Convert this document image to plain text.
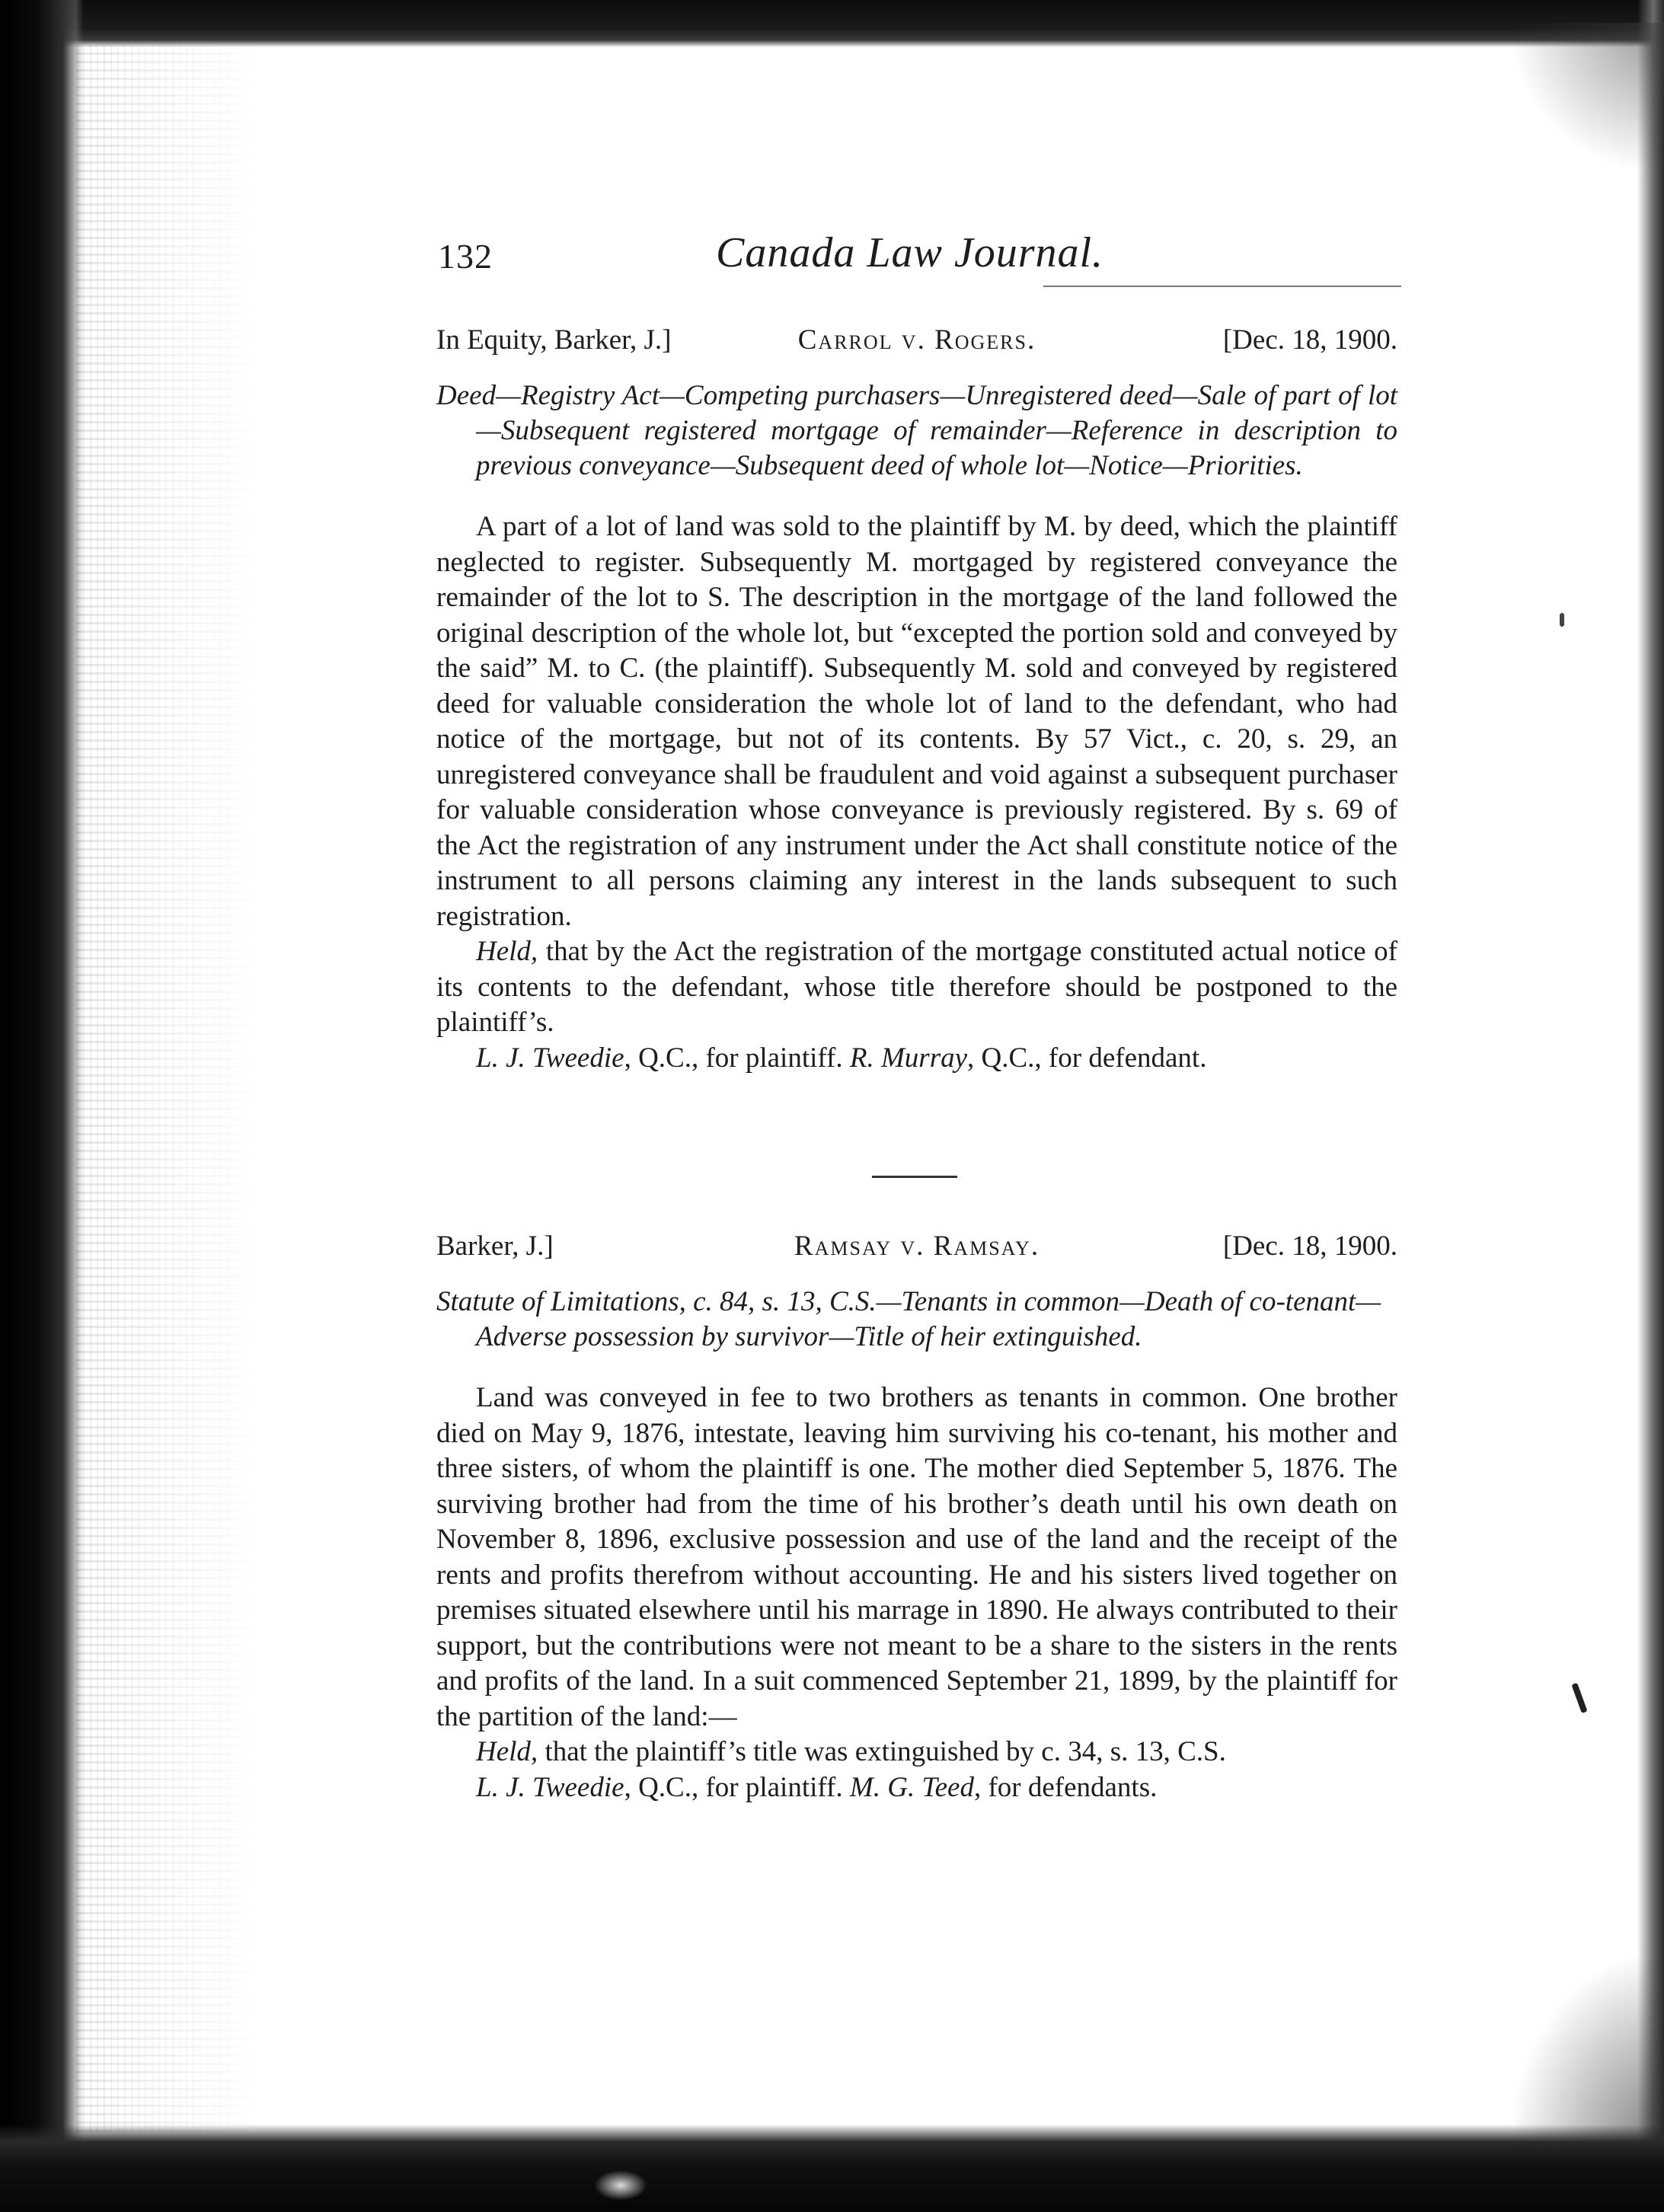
132	Canada Law Journal.
In Equity, Barker, J.]	Carrol v. Rogers.	[Dec. 18, 1900.
Deed—Registry Act—Competing purchasers—Unregistered deed—Sale of part of lot—Subsequent registered mortgage of remainder—Reference in description to previous conveyance—Subsequent deed of whole lot—Notice—Priorities.

A part of a lot of land was sold to the plaintiff by M. by deed, which the plaintiff neglected to register. Subsequently M. mortgaged by registered conveyance the remainder of the lot to S. The description in the mortgage of the land followed the original description of the whole lot, but “excepted the portion sold and conveyed by the said” M. to C. (the plaintiff). Subsequently M. sold and conveyed by registered deed for valuable consideration the whole lot of land to the defendant, who had notice of the mortgage, but not of its contents. By 57 Vict., c. 20, s. 29, an unregistered conveyance shall be fraudulent and void against a subsequent purchaser for valuable consideration whose conveyance is previously registered. By s. 69 of the Act the registration of any instrument under the Act shall constitute notice of the instrument to all persons claiming any interest in the lands subsequent to such registration.

Held, that by the Act the registration of the mortgage constituted actual notice of its contents to the defendant, whose title therefore should be postponed to the plaintiff’s.

L. J. Tweedie, Q.C., for plaintiff. R. Murray, Q.C., for defendant.

Barker, J.]	Ramsay v. Ramsay.	[Dec. 18, 1900.
Statute of Limitations, c. 84, s. 13, C.S.—Tenants in common—Death of co-tenant—Adverse possession by survivor—Title of heir extinguished.

Land was conveyed in fee to two brothers as tenants in common. One brother died on May 9, 1876, intestate, leaving him surviving his co-tenant, his mother and three sisters, of whom the plaintiff is one. The mother died September 5, 1876. The surviving brother had from the time of his brother’s death until his own death on November 8, 1896, exclusive possession and use of the land and the receipt of the rents and profits therefrom without accounting. He and his sisters lived together on premises situated elsewhere until his marrage in 1890. He always contributed to their support, but the contributions were not meant to be a share to the sisters in the rents and profits of the land. In a suit commenced September 21, 1899, by the plaintiff for the partition of the land:—

Held, that the plaintiff’s title was extinguished by c. 34, s. 13, C.S.

L. J. Tweedie, Q.C., for plaintiff. M. G. Teed, for defendants.
